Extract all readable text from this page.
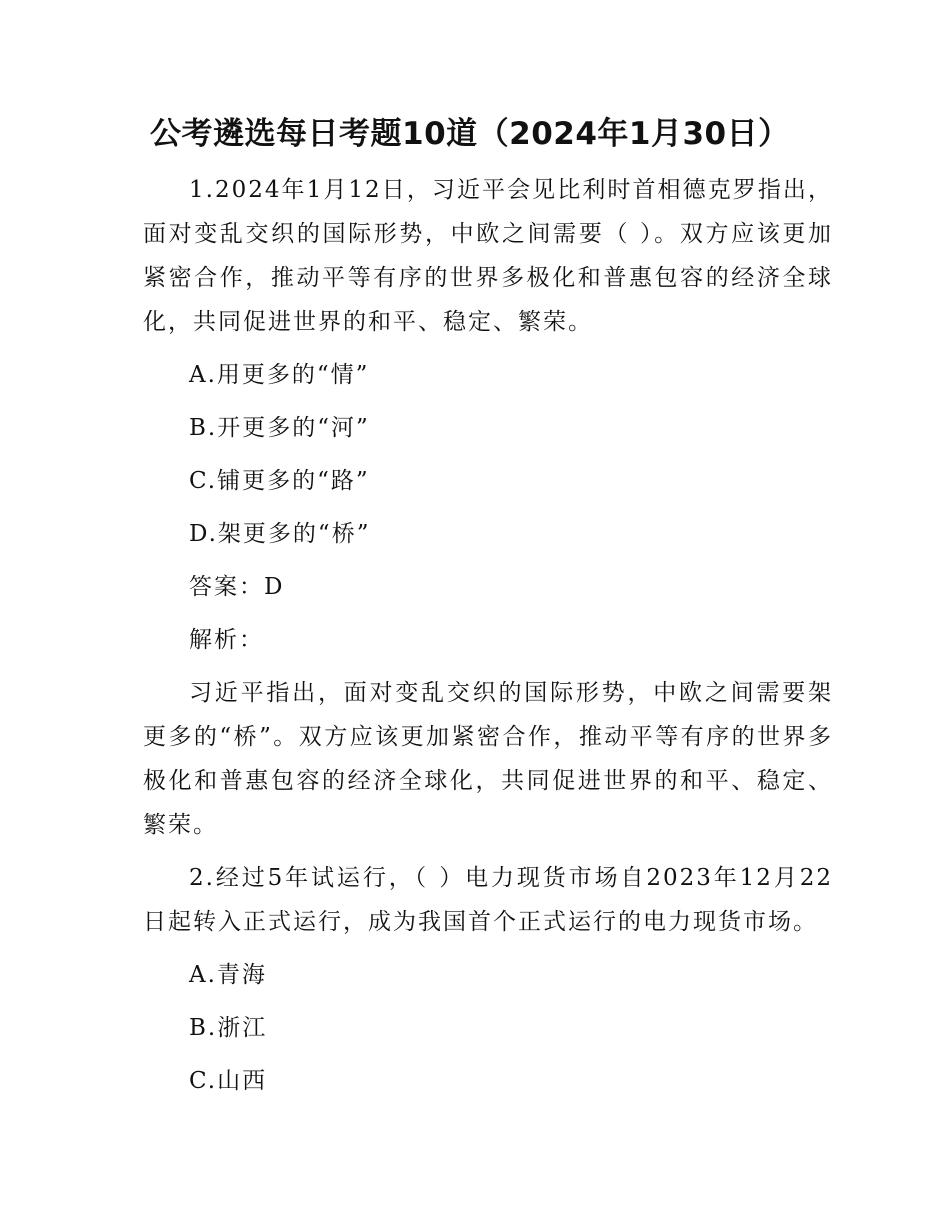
公考遴选每日考题10道（2024年1月30日）

1.2024年1月12日，习近平会见比利时首相德克罗指出，面对变乱交织的国际形势，中欧之间需要（ ）。双方应该更加紧密合作，推动平等有序的世界多极化和普惠包容的经济全球化，共同促进世界的和平、稳定、繁荣。

A.用更多的“情”

B.开更多的“河”

C.铺更多的“路”

D.架更多的“桥”

答案：D

解析：

习近平指出，面对变乱交织的国际形势，中欧之间需要架更多的“桥”。双方应该更加紧密合作，推动平等有序的世界多极化和普惠包容的经济全球化，共同促进世界的和平、稳定、繁荣。

2.经过5年试运行，（ ）电力现货市场自2023年12月22日起转入正式运行，成为我国首个正式运行的电力现货市场。

A.青海

B.浙江

C.山西
